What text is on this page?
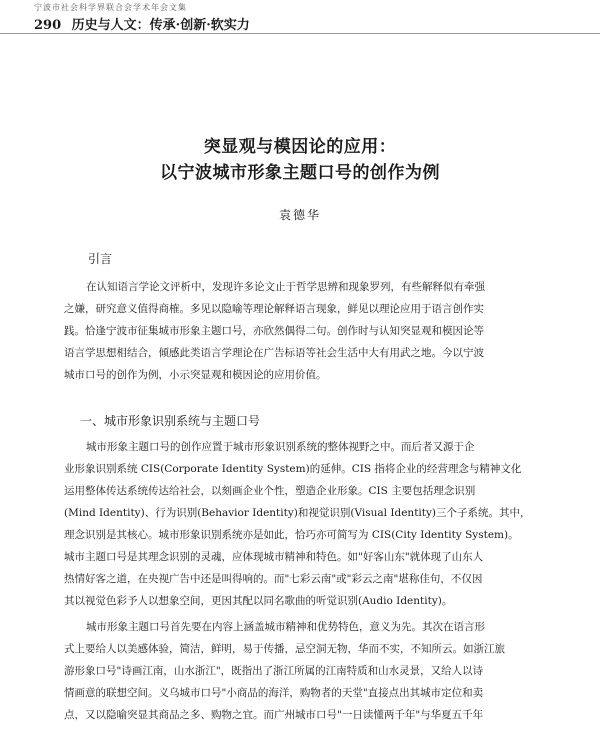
宁波市社会科学界联合会学术年会文集
290 历史与人文：传承·创新·软实力
突显观与模因论的应用：
以宁波城市形象主题口号的创作为例
袁德华
引言
在认知语言学论文评析中，发现许多论文止于哲学思辨和现象罗列，有些解释似有牵强
之嫌，研究意义值得商榷。多见以隐喻等理论解释语言现象，鲜见以理论应用于语言创作实
践。恰逢宁波市征集城市形象主题口号，亦欣然偶得二句。创作时与认知突显观和模因论等
语言学思想相结合，倾感此类语言学理论在广告标语等社会生活中大有用武之地。今以宁波
城市口号的创作为例，小示突显观和模因论的应用价值。
一、城市形象识别系统与主题口号
城市形象主题口号的创作应置于城市形象识别系统的整体视野之中。而后者又源于企
业形象识别系统 CIS(Corporate Identity System)的延伸。CIS 指将企业的经营理念与精神文化
运用整体传达系统传达给社会，以刻画企业个性，塑造企业形象。CIS 主要包括理念识别
(Mind Identity)、行为识别(Behavior Identity)和视觉识别(Visual Identity)三个子系统。其中，
理念识别是其核心。城市形象识别系统亦是如此，恰巧亦可简写为 CIS(City Identity System)。
城市主题口号是其理念识别的灵魂，应体现城市精神和特色。如"好客山东"就体现了山东人
热情好客之道，在央视广告中还是叫得响的。而"七彩云南"或"彩云之南"堪称佳句，不仅因
其以视觉色彩予人以想象空间，更因其配以同名歌曲的听觉识别(Audio Identity)。
城市形象主题口号首先要在内容上涵盖城市精神和优势特色，意义为先。其次在语言形
式上要给人以美感体验，简洁，鲜明，易于传播，忌空洞无物，华而不实，不知所云。如浙江旅
游形象口号"诗画江南，山水浙江"，既指出了浙江所属的江南特质和山水灵景，又给人以诗
情画意的联想空间。义乌城市口号"小商品的海洋，购物者的天堂"直接点出其城市定位和卖
点，又以隐喻突显其商品之多、购物之宜。而广州城市口号"一日读懂两千年"与华夏五千年
